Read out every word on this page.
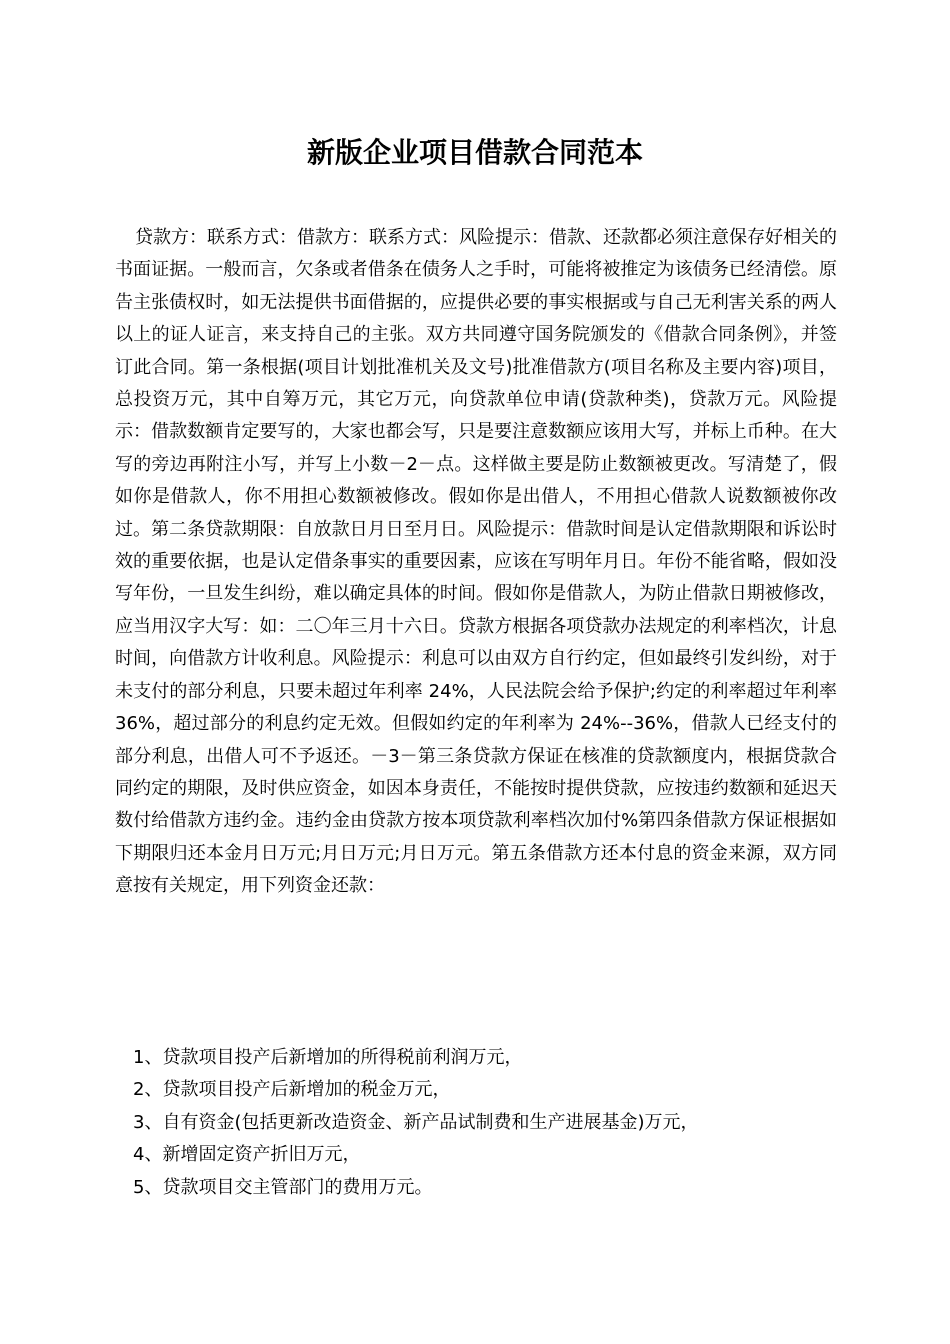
新版企业项目借款合同范本

贷款方：联系方式：借款方：联系方式：风险提示：借款、还款都必须注意保存好相关的书面证据。一般而言，欠条或者借条在债务人之手时，可能将被推定为该债务已经清偿。原告主张债权时，如无法提供书面借据的，应提供必要的事实根据或与自己无利害关系的两人以上的证人证言，来支持自己的主张。双方共同遵守国务院颁发的《借款合同条例》，并签订此合同。第一条根据(项目计划批准机关及文号)批准借款方(项目名称及主要内容)项目，总投资万元，其中自筹万元，其它万元，向贷款单位申请(贷款种类)，贷款万元。风险提示：借款数额肯定要写的，大家也都会写，只是要注意数额应该用大写，并标上币种。在大写的旁边再附注小写，并写上小数－2－点。这样做主要是防止数额被更改。写清楚了，假如你是借款人，你不用担心数额被修改。假如你是出借人，不用担心借款人说数额被你改过。第二条贷款期限：自放款日月日至月日。风险提示：借款时间是认定借款期限和诉讼时效的重要依据，也是认定借条事实的重要因素，应该在写明年月日。年份不能省略，假如没写年份，一旦发生纠纷，难以确定具体的时间。假如你是借款人，为防止借款日期被修改，应当用汉字大写：如：二〇年三月十六日。贷款方根据各项贷款办法规定的利率档次，计息时间，向借款方计收利息。风险提示：利息可以由双方自行约定，但如最终引发纠纷，对于未支付的部分利息，只要未超过年利率 24%，人民法院会给予保护;约定的利率超过年利率 36%，超过部分的利息约定无效。但假如约定的年利率为 24%--36%，借款人已经支付的部分利息，出借人可不予返还。－3－第三条贷款方保证在核准的贷款额度内，根据贷款合同约定的期限，及时供应资金，如因本身责任，不能按时提供贷款，应按违约数额和延迟天数付给借款方违约金。违约金由贷款方按本项贷款利率档次加付%第四条借款方保证根据如下期限归还本金月日万元;月日万元;月日万元。第五条借款方还本付息的资金来源，双方同意按有关规定，用下列资金还款：

1、贷款项目投产后新增加的所得税前利润万元，
2、贷款项目投产后新增加的税金万元，
3、自有资金(包括更新改造资金、新产品试制费和生产进展基金)万元，
4、新增固定资产折旧万元，
5、贷款项目交主管部门的费用万元。
